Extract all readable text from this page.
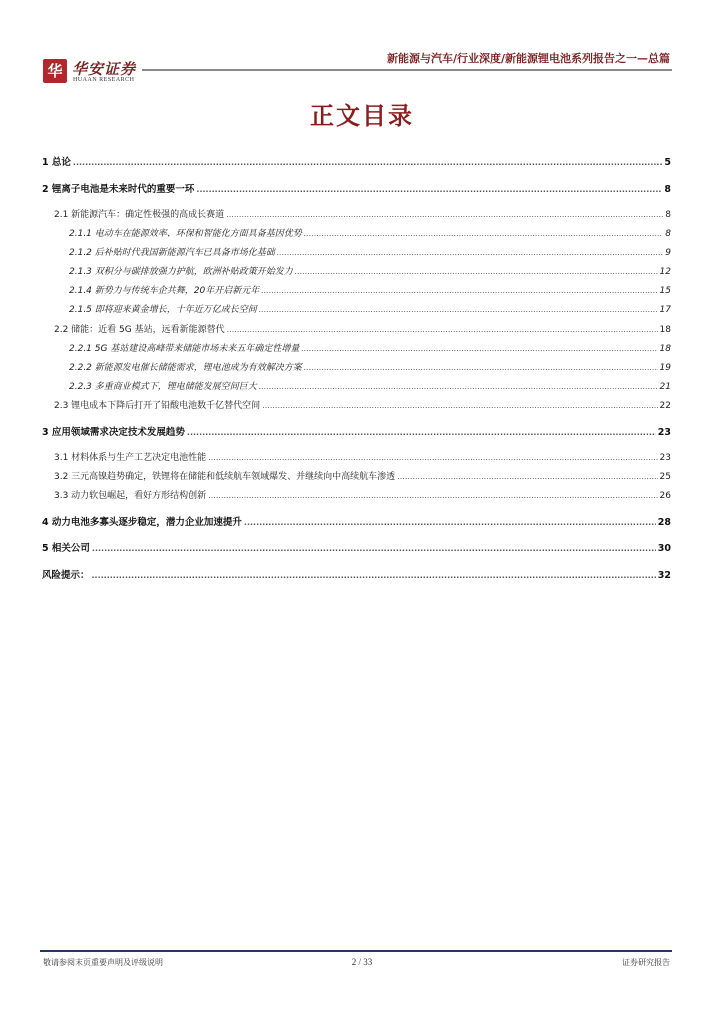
华 华安证券
HUAAN RESEARCH
新能源与汽车/行业深度/新能源锂电池系列报告之一—总篇
正文目录
1 总论 .....	5
2 锂离子电池是未来时代的重要一环 .....	8
2.1 新能源汽车：确定性极强的高成长赛道 .....	8
2.1.1 电动车在能源效率、环保和智能化方面具备基因优势 .....	8
2.1.2 后补贴时代我国新能源汽车已具备市场化基础 .....	9
2.1.3 双积分与碳排放强力护航，欧洲补贴政策开始发力 .....	12
2.1.4 新势力与传统车企共舞，20年开启新元年 .....	15
2.1.5 即将迎来黄金增长，十年近万亿成长空间 .....	17
2.2 储能：近看 5G 基站，远看新能源替代 .....	18
2.2.1 5G 基站建设高峰带来储能市场未来五年确定性增量 .....	18
2.2.2 新能源发电催长储能需求，锂电池成为有效解决方案 .....	19
2.2.3 多重商业模式下，锂电储能发展空间巨大 .....	21
2.3 锂电成本下降后打开了铅酸电池数千亿替代空间 .....	22
3 应用领域需求决定技术发展趋势 .....	23
3.1 材料体系与生产工艺决定电池性能 .....	23
3.2 三元高镍趋势确定，铁锂将在储能和低续航车领域爆发、并继续向中高续航车渗透 .....	25
3.3 动力软包崛起，看好方形结构创新 .....	26
4 动力电池多寡头逐步稳定，潜力企业加速提升 .....	28
5 相关公司 .....	30
风险提示： .....	32
敬请参阅末页重要声明及评级说明	2 / 33	证券研究报告
